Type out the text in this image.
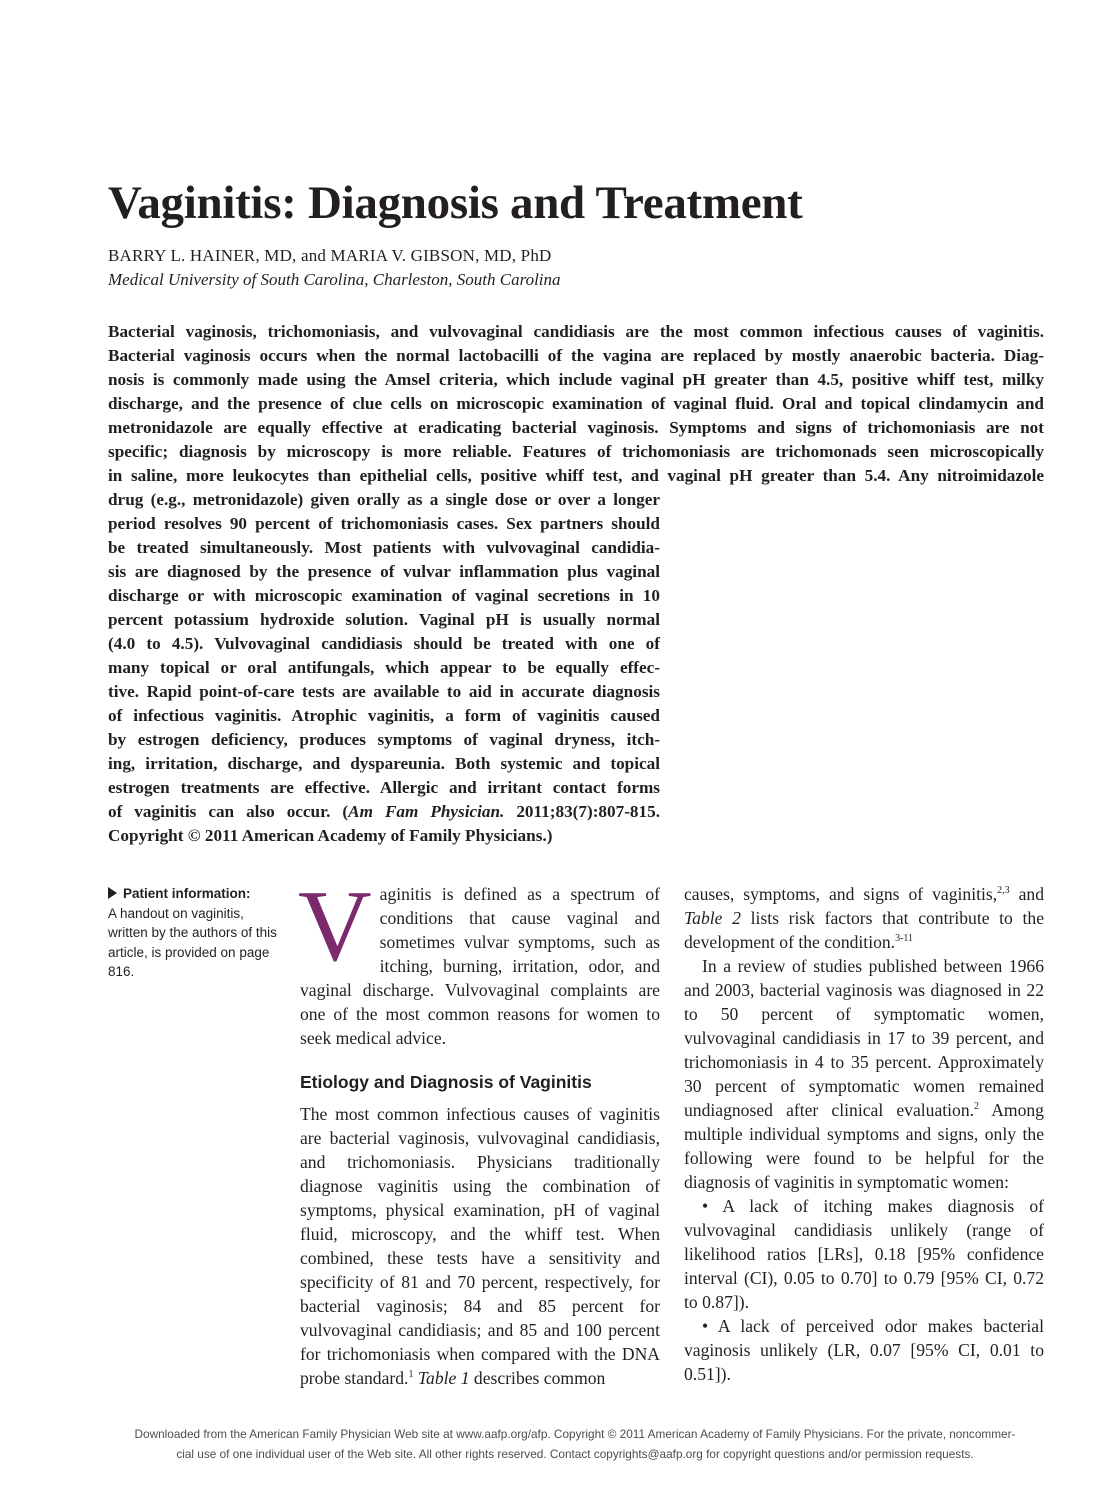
Vaginitis: Diagnosis and Treatment
BARRY L. HAINER, MD, and MARIA V. GIBSON, MD, PhD
Medical University of South Carolina, Charleston, South Carolina
Bacterial vaginosis, trichomoniasis, and vulvovaginal candidiasis are the most common infectious causes of vaginitis.
Bacterial vaginosis occurs when the normal lactobacilli of the vagina are replaced by mostly anaerobic bacteria. Diag-
nosis is commonly made using the Amsel criteria, which include vaginal pH greater than 4.5, positive whiff test, milky
discharge, and the presence of clue cells on microscopic examination of vaginal fluid. Oral and topical clindamycin and
metronidazole are equally effective at eradicating bacterial vaginosis. Symptoms and signs of trichomoniasis are not
specific; diagnosis by microscopy is more reliable. Features of trichomoniasis are trichomonads seen microscopically
in saline, more leukocytes than epithelial cells, positive whiff test, and vaginal pH greater than 5.4. Any nitroimidazole
drug (e.g., metronidazole) given orally as a single dose or over a longer
period resolves 90 percent of trichomoniasis cases. Sex partners should
be treated simultaneously. Most patients with vulvovaginal candidia-
sis are diagnosed by the presence of vulvar inflammation plus vaginal
discharge or with microscopic examination of vaginal secretions in 10
percent potassium hydroxide solution. Vaginal pH is usually normal
(4.0 to 4.5). Vulvovaginal candidiasis should be treated with one of
many topical or oral antifungals, which appear to be equally effec-
tive. Rapid point-of-care tests are available to aid in accurate diagnosis
of infectious vaginitis. Atrophic vaginitis, a form of vaginitis caused
by estrogen deficiency, produces symptoms of vaginal dryness, itch-
ing, irritation, discharge, and dyspareunia. Both systemic and topical
estrogen treatments are effective. Allergic and irritant contact forms
of vaginitis can also occur. (Am Fam Physician. 2011;83(7):807-815.
Copyright © 2011 American Academy of Family Physicians.)
Patient information:
A handout on vaginitis, written by the authors of this article, is provided on page 816.	Vaginitis is defined as a spectrum of conditions that cause vaginal and sometimes vulvar symptoms, such as itching, burning, irritation, odor, and vaginal discharge. Vulvovaginal complaints are one of the most common reasons for women to seek medical advice.

Etiology and Diagnosis of Vaginitis

The most common infectious causes of vaginitis are bacterial vaginosis, vulvovaginal candidiasis, and trichomoniasis. Physicians traditionally diagnose vaginitis using the combination of symptoms, physical examination, pH of vaginal fluid, microscopy, and the whiff test. When combined, these tests have a sensitivity and specificity of 81 and 70 percent, respectively, for bacterial vaginosis; 84 and 85 percent for vulvovaginal candidiasis; and 85 and 100 percent for trichomoniasis when compared with the DNA probe standard.$^1$ Table 1 describes common

causes, symptoms, and signs of vaginitis,$^{2,3}$ and Table 2 lists risk factors that contribute to the development of the condition.$^{3-11}$

In a review of studies published between 1966 and 2003, bacterial vaginosis was diagnosed in 22 to 50 percent of symptomatic women, vulvovaginal candidiasis in 17 to 39 percent, and trichomoniasis in 4 to 35 percent. Approximately 30 percent of symptomatic women remained undiagnosed after clinical evaluation.$^2$ Among multiple individual symptoms and signs, only the following were found to be helpful for the diagnosis of vaginitis in symptomatic women:

• A lack of itching makes diagnosis of vulvovaginal candidiasis unlikely (range of likelihood ratios [LRs], 0.18 [95% confidence interval (CI), 0.05 to 0.70] to 0.79 [95% CI, 0.72 to 0.87]).

• A lack of perceived odor makes bacterial vaginosis unlikely (LR, 0.07 [95% CI, 0.01 to 0.51]).

Downloaded from the American Family Physician Web site at www.aafp.org/afp. Copyright © 2011 American Academy of Family Physicians. For the private, noncommer-
cial use of one individual user of the Web site. All other rights reserved. Contact copyrights@aafp.org for copyright questions and/or permission requests.
